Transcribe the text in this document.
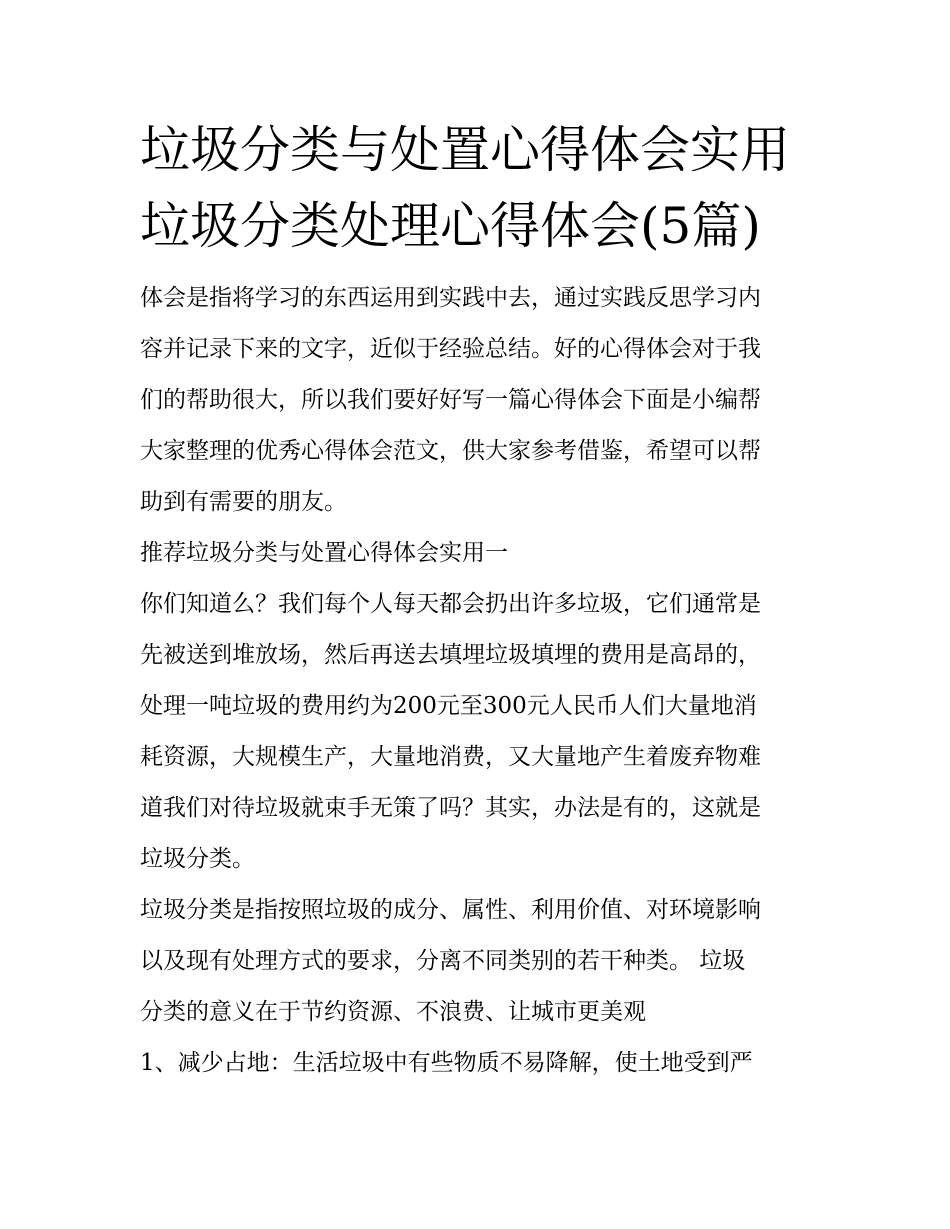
垃圾分类与处置心得体会实用
垃圾分类处理心得体会(5篇)
体会是指将学习的东西运用到实践中去，通过实践反思学习内
容并记录下来的文字，近似于经验总结。好的心得体会对于我
们的帮助很大，所以我们要好好写一篇心得体会下面是小编帮
大家整理的优秀心得体会范文，供大家参考借鉴，希望可以帮
助到有需要的朋友。
推荐垃圾分类与处置心得体会实用一
你们知道么？我们每个人每天都会扔出许多垃圾，它们通常是
先被送到堆放场，然后再送去填埋垃圾填埋的费用是高昂的，
处理一吨垃圾的费用约为200元至300元人民币人们大量地消
耗资源，大规模生产，大量地消费，又大量地产生着废弃物难
道我们对待垃圾就束手无策了吗？其实，办法是有的，这就是
垃圾分类。
垃圾分类是指按照垃圾的成分、属性、利用价值、对环境影响
以及现有处理方式的要求，分离不同类别的若干种类。 垃圾
分类的意义在于节约资源、不浪费、让城市更美观
1、减少占地：生活垃圾中有些物质不易降解，使土地受到严
